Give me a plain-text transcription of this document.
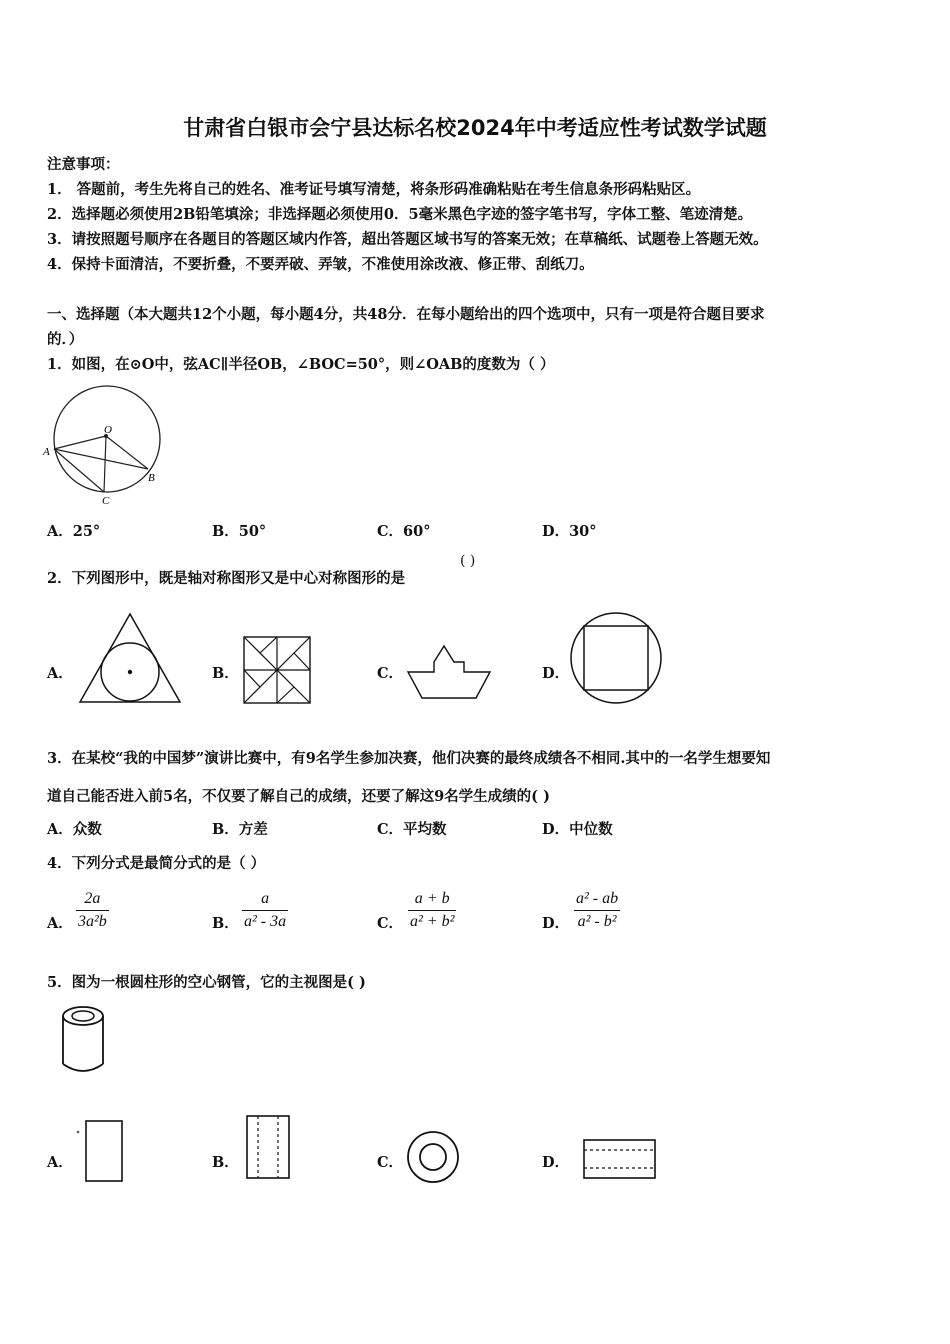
甘肃省白银市会宁县达标名校2024年中考适应性考试数学试题
注意事项：
1． 答题前，考生先将自己的姓名、准考证号填写清楚，将条形码准确粘贴在考生信息条形码粘贴区。
2．选择题必须使用2B铅笔填涂；非选择题必须使用0．5毫米黑色字迹的签字笔书写，字体工整、笔迹清楚。
3．请按照题号顺序在各题目的答题区域内作答，超出答题区域书写的答案无效；在草稿纸、试题卷上答题无效。
4．保持卡面清洁，不要折叠，不要弄破、弄皱，不准使用涂改液、修正带、刮纸刀。
一、选择题（本大题共12个小题，每小题4分，共48分．在每小题给出的四个选项中，只有一项是符合题目要求
的．）
1．如图，在⊙O中，弦AC∥半径OB，∠BOC=50°，则∠OAB的度数为（ ）
O
A
B
C
A．25°	B．50°	C．60°	D．30°
2．下列图形中，既是轴对称图形又是中心对称图形的是
( )
A．	B．	C．	D．
3．在某校“我的中国梦”演讲比赛中，有9名学生参加决赛，他们决赛的最终成绩各不相同.其中的一名学生想要知
道自己能否进入前5名，不仅要了解自己的成绩，还要了解这9名学生成绩的( )
A．众数	B．方差	C．平均数	D．中位数
4．下列分式是最简分式的是（ ）
A．
2a
3a²b	B．
a
a² - 3a	C．
a + b
a² + b²	D．
a² - ab
a² - b²
5．图为一根圆柱形的空心钢管，它的主视图是( )
A．	B．	C．	D．
